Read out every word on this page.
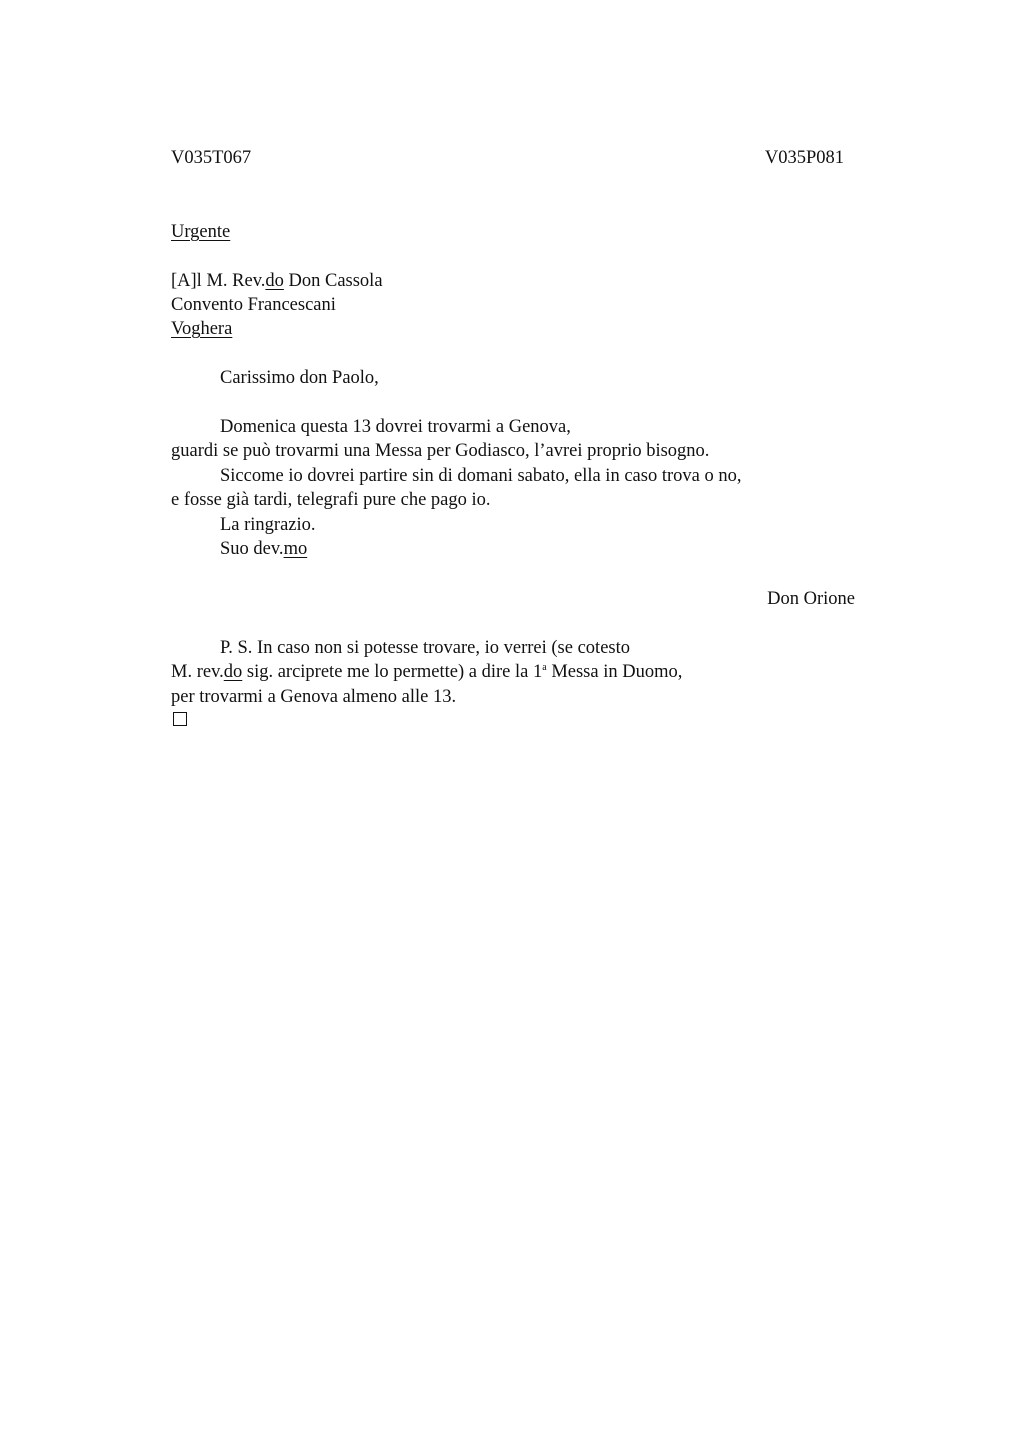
V035T067	V035P081
Urgente
[A]l M. Rev.do Don Cassola
Convento Francescani
Voghera
Carissimo don Paolo,
Domenica questa 13 dovrei trovarmi a Genova,
guardi se può trovarmi una Messa per Godiasco, l’avrei proprio bisogno.
Siccome io dovrei partire sin di domani sabato, ella in caso trova o no,
e fosse già tardi, telegrafi pure che pago io.
La ringrazio.
Suo dev.mo
Don Orione
P. S. In caso non si potesse trovare, io verrei (se cotesto
M. rev.do sig. arciprete me lo permette) a dire la 1$^a$ Messa in Duomo,
per trovarmi a Genova almeno alle 13.
